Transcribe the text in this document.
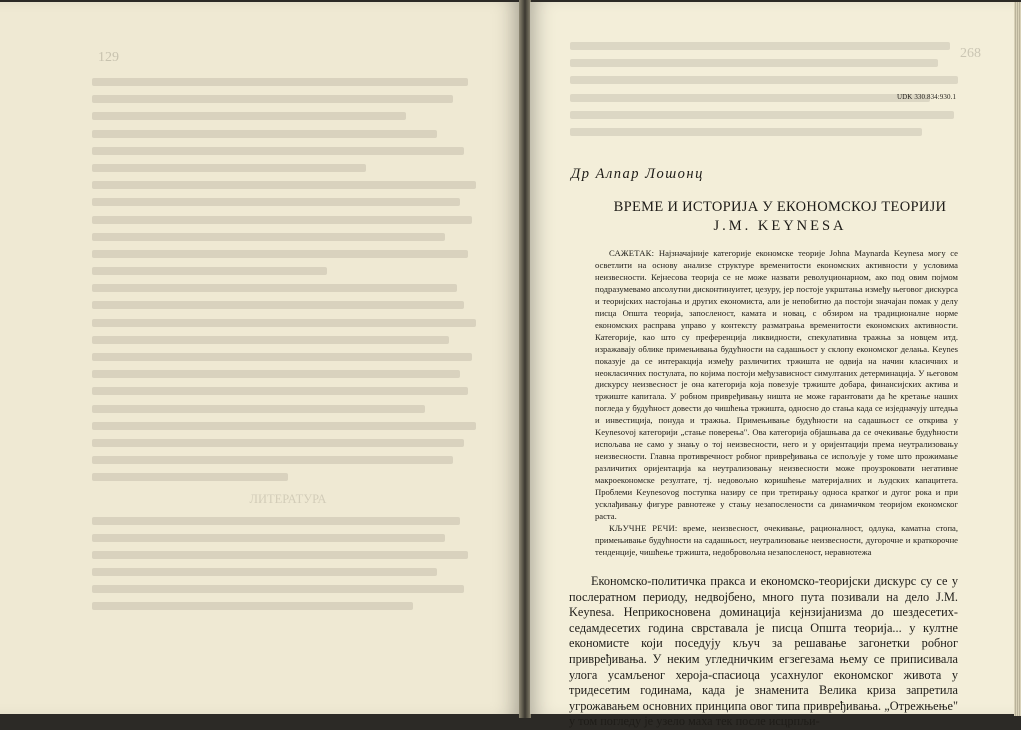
129
ЛИТЕРАТУРА
268
UDK 330.834:930.1
Др Алпар Лошонц
ВРЕМЕ И ИСТОРИЈА У ЕКОНОМСКОЈ ТЕОРИЈИ
J.M. KEYNESA

САЖЕТАК: Најзначајније категорије економске теорије Johna Maynarda Keynesa могу се осветлити на основу анализе структуре временитости економских активности у условима неизвесности. Кејнесова теорија се не може назвати револуционарном, ако под овим појмом подразумевамо апсолутни дисконтинуитет, цезуру, јер постоје укрштања између његовог дискурса и теоријских настојања и других економиста, али је непобитно да постоји значајан помак у делу писца Општа теорија, запосленост, камата и новац, с обзиром на традиционалне норме економских расправа управо у контексту разматрања временитости економских активности. Категорије, као што су преференција ликвидности, спекулативна тражња за новцем итд. изражавају облике примењивања будућности на садашњост у склопу економског делања. Keynes показује да се интеракција између различитих тржишта не одвија на начин класичних и неокласичних постулата, по којима постоји међузависност симултаних детерминација. У његовом дискурсу неизвесност је она категорија која повезује тржиште добара, финансијских актива и тржиште капитала. У робном привређивању ништа не може гарантовати да ће кретање наших погледа у будућност довести до чишћења тржишта, односно до стања када се изједначују штедња и инвестиција, понуда и тражња. Примењивање будућности на садашњост се открива у Keynesovoj категорији „стање поверења". Ова категорија објашњава да се очекивање будућности испољава не само у знању о тој неизвесности, него и у оријентацији према неутрализовању неизвесности. Главна противречност робног привређивања се испољује у томе што прожимање различитих оријентација ка неутрализовању неизвесности може проузроковати негативне макроекономске резултате, тј. недовољно коришћење материјалних и људских капацитета. Проблеми Keynesovog поступка назиру се при третирању односа краткоґ и дугог рока и при усклађивању фигуре равнотеже у стању незапослености са динамичком теоријом економског раста.

КЉУЧНЕ РЕЧИ: време, неизвесност, очекивање, рационалност, одлука, каматна стопа, примењивање будућности на садашњост, неутрализовање неизвесности, дугорочне и краткорочне тенденције, чишћење тржишта, недобровољна незапосленост, неравнотежа

Економско-политичка пракса и економско-теоријски дискурс су се у послератном периоду, недвојбено, много пута позивали на дело J.M. Keynesa. Неприкосновена доминација кејнзијанизма до шездесетих-седамдесетих година сврставала је писца Општа теорија... у култне економисте који поседују кључ за решавање загонетки робног привређивања. У неким угледничким егзегезама њему се приписивала улога усамљеног хероја-спасиоца усахнулог економског живота у тридесетим годинама, када је знаменита Велика криза запретила угрожавањем основних принципа овог типа привређивања. „Отрежњење" у том погледу је узело маха тек после исцрпљи-
